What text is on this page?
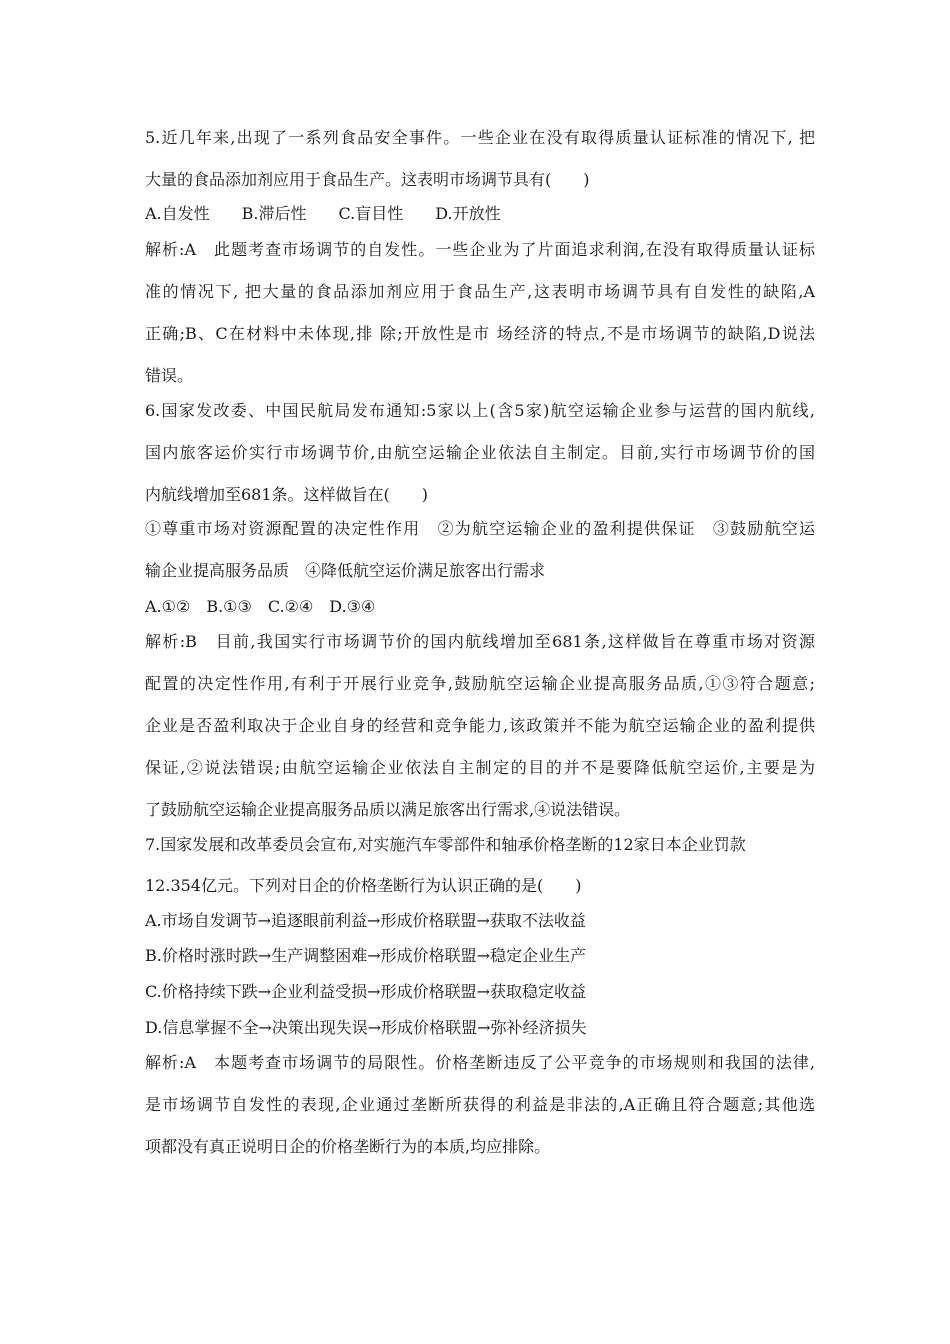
5.近几年来,出现了一系列食品安全事件。一些企业在没有取得质量认证标准的情况下, 把
大量的食品添加剂应用于食品生产。这表明市场调节具有(　　)
A.自发性　　B.滞后性　　C.盲目性　　D.开放性
解析:A　此题考查市场调节的自发性。一些企业为了片面追求利润,在没有取得质量认证标
准的情况下, 把大量的食品添加剂应用于食品生产,这表明市场调节具有自发性的缺陷,A
正确;B、C在材料中未体现,排 除;开放性是市 场经济的特点,不是市场调节的缺陷,D说法
错误。
6.国家发改委、中国民航局发布通知:5家以上(含5家)航空运输企业参与运营的国内航线,
国内旅客运价实行市场调节价,由航空运输企业依法自主制定。目前,实行市场调节价的国
内航线增加至681条。这样做旨在(　　)
①尊重市场对资源配置的决定性作用　②为航空运输企业的盈利提供保证　③鼓励航空运
输企业提高服务品质　④降低航空运价满足旅客出行需求
A.①②　B.①③　C.②④　D.③④
解析:B　目前,我国实行市场调节价的国内航线增加至681条,这样做旨在尊重市场对资源
配置的决定性作用,有利于开展行业竞争,鼓励航空运输企业提高服务品质,①③符合题意;
企业是否盈利取决于企业自身的经营和竞争能力,该政策并不能为航空运输企业的盈利提供
保证,②说法错误;由航空运输企业依法自主制定的目的并不是要降低航空运价,主要是为
了鼓励航空运输企业提高服务品质以满足旅客出行需求,④说法错误。
7.国家发展和改革委员会宣布,对实施汽车零部件和轴承价格垄断的12家日本企业罚款
12.354亿元。下列对日企的价格垄断行为认识正确的是(　　)
A.市场自发调节→追逐眼前利益→形成价格联盟→获取不法收益
B.价格时涨时跌→生产调整困难→形成价格联盟→稳定企业生产
C.价格持续下跌→企业利益受损→形成价格联盟→获取稳定收益
D.信息掌握不全→决策出现失误→形成价格联盟→弥补经济损失
解析:A　本题考查市场调节的局限性。价格垄断违反了公平竞争的市场规则和我国的法律,
是市场调节自发性的表现,企业通过垄断所获得的利益是非法的,A正确且符合题意;其他选
项都没有真正说明日企的价格垄断行为的本质,均应排除。
